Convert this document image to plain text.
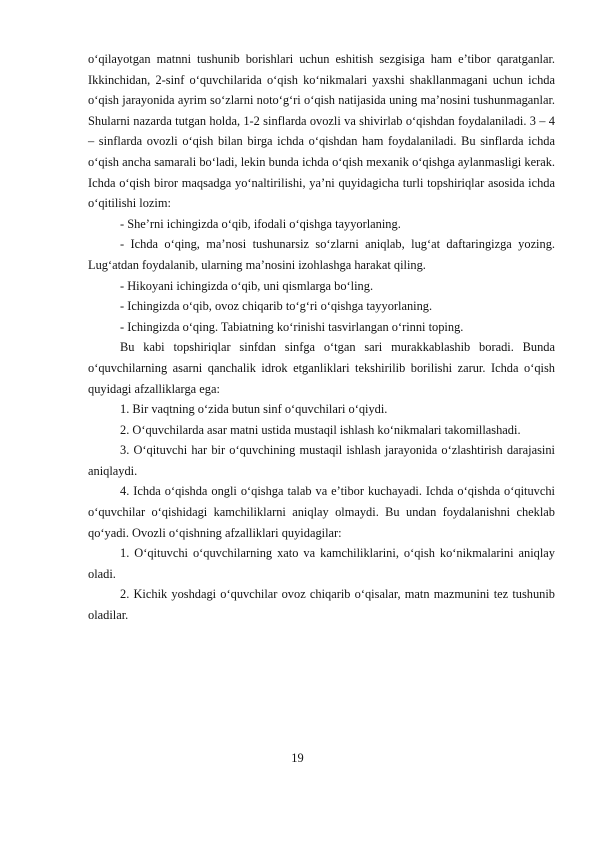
o‘qilayotgan matnni tushunib borishlari uchun eshitish sezgisiga ham e’tibor qaratganlar. Ikkinchidan, 2-sinf o‘quvchilarida o‘qish ko‘nikmalari yaxshi shakllanmagani uchun ichda o‘qish jarayonida ayrim so‘zlarni noto‘g‘ri o‘qish natijasida uning ma’nosini tushunmaganlar. Shularni nazarda tutgan holda, 1-2 sinflarda ovozli va shivirlab o‘qishdan foydalaniladi. 3 – 4 – sinflarda ovozli o‘qish bilan birga ichda o‘qishdan ham foydalaniladi. Bu sinflarda ichda o‘qish ancha samarali bo‘ladi, lekin bunda ichda o‘qish mexanik o‘qishga aylanmasligi kerak. Ichda o‘qish biror maqsadga yo‘naltirilishi, ya’ni quyidagicha turli topshiriqlar asosida ichda o‘qitilishi lozim:

- She’rni ichingizda o‘qib, ifodali o‘qishga tayyorlaning.

- Ichda o‘qing, ma’nosi tushunarsiz so‘zlarni aniqlab, lug‘at daftaringizga yozing. Lug‘atdan foydalanib, ularning ma’nosini izohlashga harakat qiling.

- Hikoyani ichingizda o‘qib, uni qismlarga bo‘ling.

- Ichingizda o‘qib, ovoz chiqarib to‘g‘ri o‘qishga tayyorlaning.

- Ichingizda o‘qing. Tabiatning ko‘rinishi tasvirlangan o‘rinni toping.

Bu kabi topshiriqlar sinfdan sinfga o‘tgan sari murakkablashib boradi. Bunda o‘quvchilarning asarni qanchalik idrok etganliklari tekshirilib borilishi zarur. Ichda o‘qish quyidagi afzalliklarga ega:

1. Bir vaqtning o‘zida butun sinf o‘quvchilari o‘qiydi.

2. O‘quvchilarda asar matni ustida mustaqil ishlash ko‘nikmalari takomillashadi.

3. O‘qituvchi har bir o‘quvchining mustaqil ishlash jarayonida o‘zlashtirish darajasini aniqlaydi.

4. Ichda o‘qishda ongli o‘qishga talab va e’tibor kuchayadi. Ichda o‘qishda o‘qituvchi o‘quvchilar o‘qishidagi kamchiliklarni aniqlay olmaydi. Bu undan foydalanishni cheklab qo‘yadi. Ovozli o‘qishning afzalliklari quyidagilar:

1. O‘qituvchi o‘quvchilarning xato va kamchiliklarini, o‘qish ko‘nikmalarini aniqlay oladi.

2. Kichik yoshdagi o‘quvchilar ovoz chiqarib o‘qisalar, matn mazmunini tez tushunib oladilar.

19
